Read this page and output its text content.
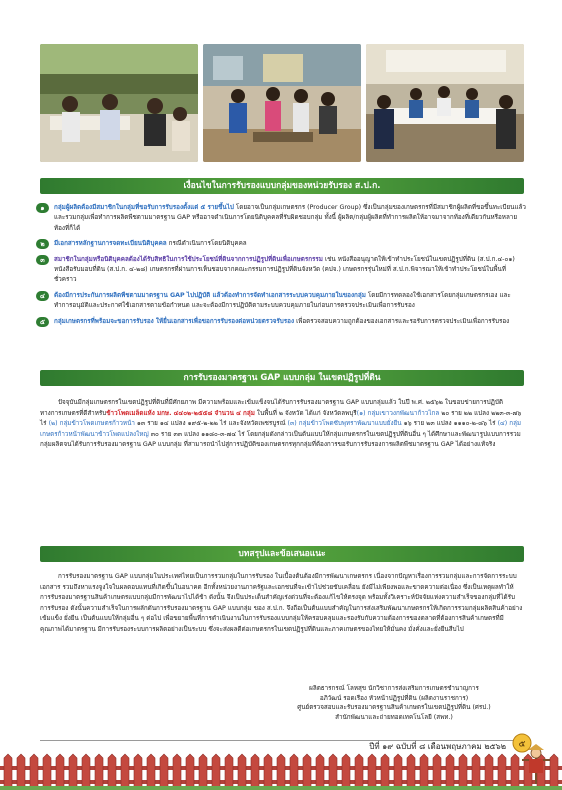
เงื่อนไขในการรับรองแบบกลุ่มของหน่วยรับรอง ส.ป.ก.
๑	กลุ่มผู้ผลิตต้องมีสมาชิกในกลุ่มที่ขอรับการรับรองตั้งแต่ ๕ รายขึ้นไป โดยอาจเป็นกลุ่มเกษตรกร (Producer Group) ซึ่งเป็นกลุ่มของเกษตรกรที่มีสมาชิกผู้ผลิตที่ขอขึ้นทะเบียนแล้ว และรวมกลุ่มเพื่อทำการผลิตพืชตามมาตรฐาน GAP หรืออาจดำเนินการโดยนิติบุคคลที่รับผิดชอบกลุ่ม ทั้งนี้ ผู้ผลิต/กลุ่มผู้ผลิตที่ทำการผลิตให้อาจมาจากท้องที่เดียวกันหรือหลายท้องที่ก็ได้
๒	มีเอกสารหลักฐานการจดทะเบียนนิติบุคคล กรณีดำเนินการโดยนิติบุคคล
๓	สมาชิกในกลุ่มหรือนิติบุคคลต้องได้รับสิทธิในการใช้ประโยชน์ที่ดินจากการปฏิรูปที่ดินเพื่อเกษตรกรรม เช่น หนังสืออนุญาตให้เข้าทำประโยชน์ในเขตปฏิรูปที่ดิน (ส.ป.ก.๔-๐๑) หนังสือรับมอบที่ดิน (ส.ป.ก. ๔-๒๘) เกษตรกรที่ผ่านการเห็นชอบจากคณะกรรมการปฏิรูปที่ดินจังหวัด (คปจ.) เกษตรกรรุ่นใหม่ที่ ส.ป.ก.พิจารณาให้เข้าทำประโยชน์ในพื้นที่ชั่วคราว
๔	ต้องมีการประกันการผลิตพืชตามมาตรฐาน GAP ไปปฏิบัติ แล้วต้องทำการจัดทำเอกสารระบบควบคุมภายในของกลุ่ม โดยมีการทดลองใช้เอกสารโดยกลุ่มเกษตรกรเอง และทำการอนุมัติและประกาศใช้เอกสารตามข้อกำหนด และจะต้องมีการปฏิบัติตามระบบควบคุมภายในก่อนการตรวจประเมินเพื่อการรับรอง
๕	กลุ่มเกษตรกรที่พร้อมจะขอการรับรอง ให้ยื่นเอกสารเพื่อขอการรับรองต่อหน่วยตรวจรับรอง เพื่อตรวจสอบความถูกต้องของเอกสารและรอรับการตรวจประเมินเพื่อการรับรอง
การรับรองมาตรฐาน GAP แบบกลุ่ม ในเขตปฏิรูปที่ดิน

ปัจจุบันมีกลุ่มเกษตรกรในเขตปฏิรูปที่ดินที่มีศักยภาพ มีความพร้อมและเข้มแข็งจนได้รับการรับรองมาตรฐาน GAP แบบกลุ่มแล้ว ในปี พ.ศ. ๒๕๖๒ ในขอบข่ายการปฏิบัติทางการเกษตรที่ดีสำหรับข้าวโพดเมล็ดแห้ง มกษ. ๔๔๐๒-๒๕๕๘ จำนวน ๔ กลุ่ม ในพื้นที่ ๒ จังหวัด ได้แก่ จังหวัดลพบุรี(๑) กลุ่มเขาวงกพัฒนาก้าวไกล ๒๐ ราย ๒๒ แปลง ๒๒๓-๓-๗๖ ไร่ (๒) กลุ่มข้าวโพดเกษตรก้าวหน้า ๑๓ ราย ๑๔ แปลง ๑๙๕-๒-๒๒ ไร่ และจังหวัดเพชรบูรณ์ (๓) กลุ่มข้าวโพดซับพุทราพัฒนาแบบยั่งยืน ๑๖ ราย ๒๓ แปลง ๑๑๑๐-๒-๘๖ ไร่ (๔) กลุ่มเกษตรก้าวหน้าพัฒนาข้าวโพดแปลงใหญ่ ๓๐ ราย ๓๓ แปลง ๑๑๘๐-๓-๗๔ ไร่ โดยกลุ่มดังกล่าวเป็นต้นแบบให้กลุ่มเกษตรกรในเขตปฏิรูปที่ดินอื่น ๆ ได้ศึกษาและพัฒนารูปแบบการรวมกลุ่มผลิตจนได้รับการรับรองมาตรฐาน GAP แบบกลุ่ม ที่สามารถนำไปสู่การปฏิบัติของเกษตรกรทุกกลุ่มที่ต้องการขอรับการรับรองการผลิตพืชมาตรฐาน GAP ได้อย่างแท้จริง

บทสรุปและข้อเสนอแนะ

การรับรองมาตรฐาน GAP แบบกลุ่มในประเทศไทยเป็นการรวมกลุ่มในการรับรอง ในเบื้องต้นต้องมีการพัฒนาเกษตรกร เนื่องจากปัญหาเรื่องการรวมกลุ่มและการจัดการระบบเอกสาร รวมถึงหาแรงจูงใจในผลตอบแทนที่เกิดขึ้นในอนาคต อีกทั้งหน่วยงานภาครัฐและเอกชนที่จะเข้าไปช่วยขับเคลื่อน ยังมีไม่เพียงพอและขาดความต่อเนื่อง ซึ่งเป็นเหตุผลทำให้การรับรองมาตรฐานสินค้าเกษตรแบบกลุ่มมีการพัฒนาไปได้ช้า ดังนั้น จึงเป็นประเด็นสำคัญเร่งด่วนที่จะต้องแก้ไขให้ตรงจุด พร้อมทั้งวิเคราะห์ปัจจัยแห่งความสำเร็จของกลุ่มที่ได้รับการรับรอง ดังนั้นความสำเร็จในการผลักดันการรับรองมาตรฐาน GAP แบบกลุ่ม ของ ส.ป.ก. จึงถือเป็นต้นแบบสำคัญในการส่งเสริมพัฒนาเกษตรกรให้เกิดการรวมกลุ่มผลิตสินค้าอย่างเข้มแข็ง ยั่งยืน เป็นต้นแบบให้กลุ่มอื่น ๆ ต่อไป เพื่อขยายพื้นที่การดำเนินงานในการรับรองแบบกลุ่มให้ครอบคลุมและรองรับกับความต้องการของตลาดที่ต้องการสินค้าเกษตรที่มีคุณภาพได้มาตรฐาน มีการรับรองระบบการผลิตอย่างเป็นระบบ ซึ่งจะส่งผลดีต่อเกษตรกรในเขตปฏิรูปที่ดินและภาคเกษตรของไทยให้มั่นคง มั่งคั่งและยั่งยืนสืบไป

ผลิตธารกรณ์ โลหสุข นักวิชาการส่งเสริมการเกษตรชำนาญการ
อภิวัฒน์ รอดเรือง หัวหน้าปฏิรูปที่ดิน (ผลิตงานราชการ)
ศูนย์ตรวจสอบและรับรองมาตรฐานสินค้าเกษตรในเขตปฏิรูปที่ดิน (ศรป.)
สำนักพัฒนาและถ่ายทอดเทคโนโลยี (สพท.)
ปีที่ ๑๙ ฉบับที่ ๘ เดือนพฤษภาคม ๒๕๖๒ ๕
